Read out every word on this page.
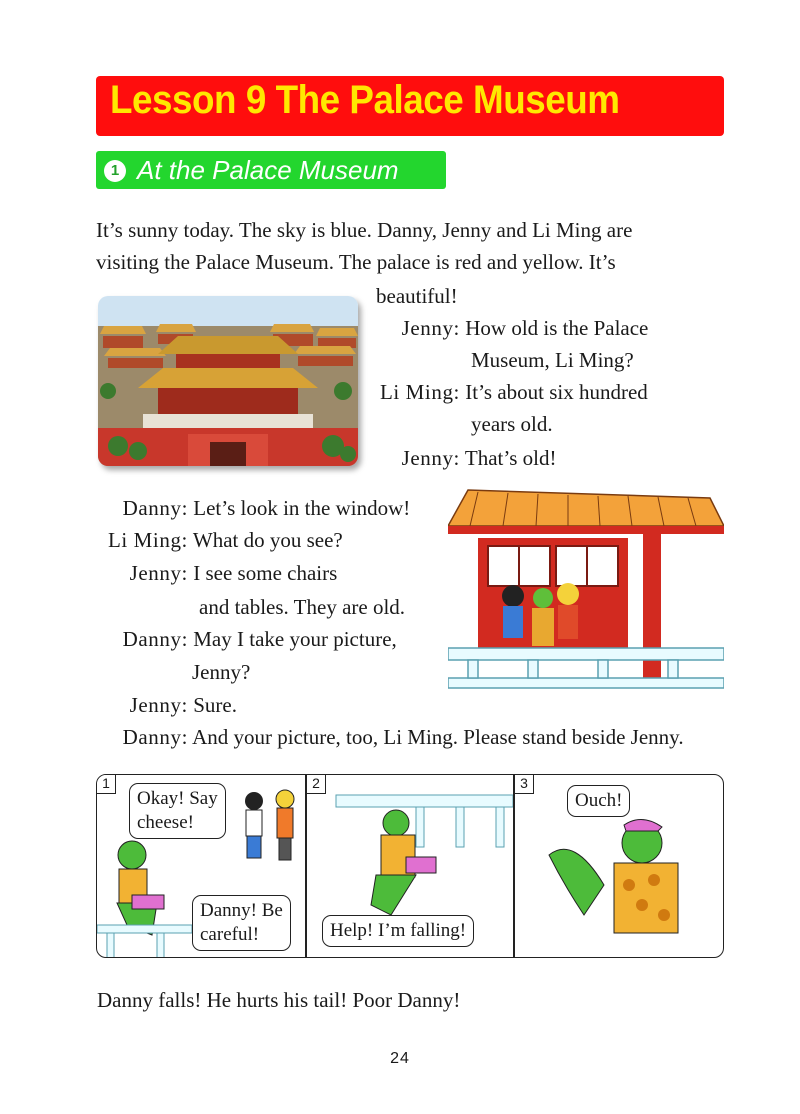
Lesson 9 The Palace Museum
1 At the Palace Museum
It’s sunny today. The sky is blue. Danny, Jenny and Li Ming are
visiting the Palace Museum. The palace is red and yellow. It’s
beautiful!
Jenny: How old is the Palace
Museum, Li Ming?
Li Ming: It’s about six hundred
years old.
Jenny: That’s old!
Danny: Let’s look in the window!
Li Ming: What do you see?
Jenny: I see some chairs
and tables. They are old.
Danny: May I take your picture,
Jenny?
Jenny: Sure.
Danny: And your picture, too, Li Ming. Please stand beside Jenny.
1	2	3
Okay! Say
cheese!
Danny! Be
careful!	Help! I’m falling!
Ouch!
Danny falls! He hurts his tail! Poor Danny!
24
